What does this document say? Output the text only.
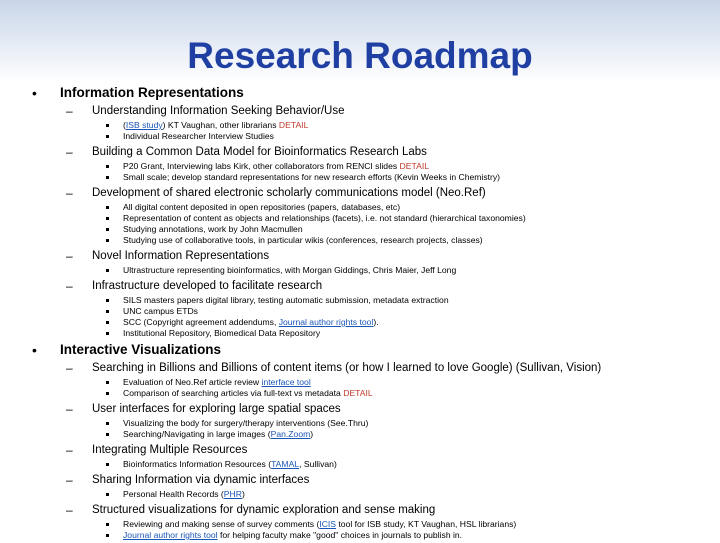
Research Roadmap
• Information Representations
– Understanding Information Seeking Behavior/Use
(ISB study) KT Vaughan, other librarians DETAIL
Individual Researcher Interview Studies
– Building a Common Data Model for Bioinformatics Research Labs
P20 Grant, Interviewing labs Kirk, other collaborators from RENCI slides DETAIL
Small scale; develop standard representations for new research efforts (Kevin Weeks in Chemistry)
– Development of shared electronic scholarly communications model (Neo.Ref)
All digital content deposited in open repositories (papers, databases, etc)
Representation of content as objects and relationships (facets), i.e. not standard (hierarchical taxonomies)
Studying annotations, work by John Macmullen
Studying use of collaborative tools, in particular wikis (conferences, research projects, classes)
– Novel Information Representations
Ultrastructure representing bioinformatics, with Morgan Giddings, Chris Maier, Jeff Long
– Infrastructure developed to facilitate research
SILS masters papers digital library, testing automatic submission, metadata extraction
UNC campus ETDs
SCC (Copyright agreement addendums, Journal author rights tool).
Institutional Repository, Biomedical Data Repository
• Interactive Visualizations
– Searching in Billions and Billions of content items (or how I learned to love Google) (Sullivan, Vision)
Evaluation of Neo.Ref article review interface tool
Comparison of searching articles via full-text vs metadata DETAIL
– User interfaces for exploring large spatial spaces
Visualizing the body for surgery/therapy interventions (See.Thru)
Searching/Navigating in large images (Pan.Zoom)
– Integrating Multiple Resources
Bioinformatics Information Resources (TAMAL, Sullivan)
– Sharing Information via dynamic interfaces
Personal Health Records (PHR)
– Structured visualizations for dynamic exploration and sense making
Reviewing and making sense of survey comments (ICIS tool for ISB study, KT Vaughan, HSL librarians)
Journal author rights tool for helping faculty make "good" choices in journals to publish in.
